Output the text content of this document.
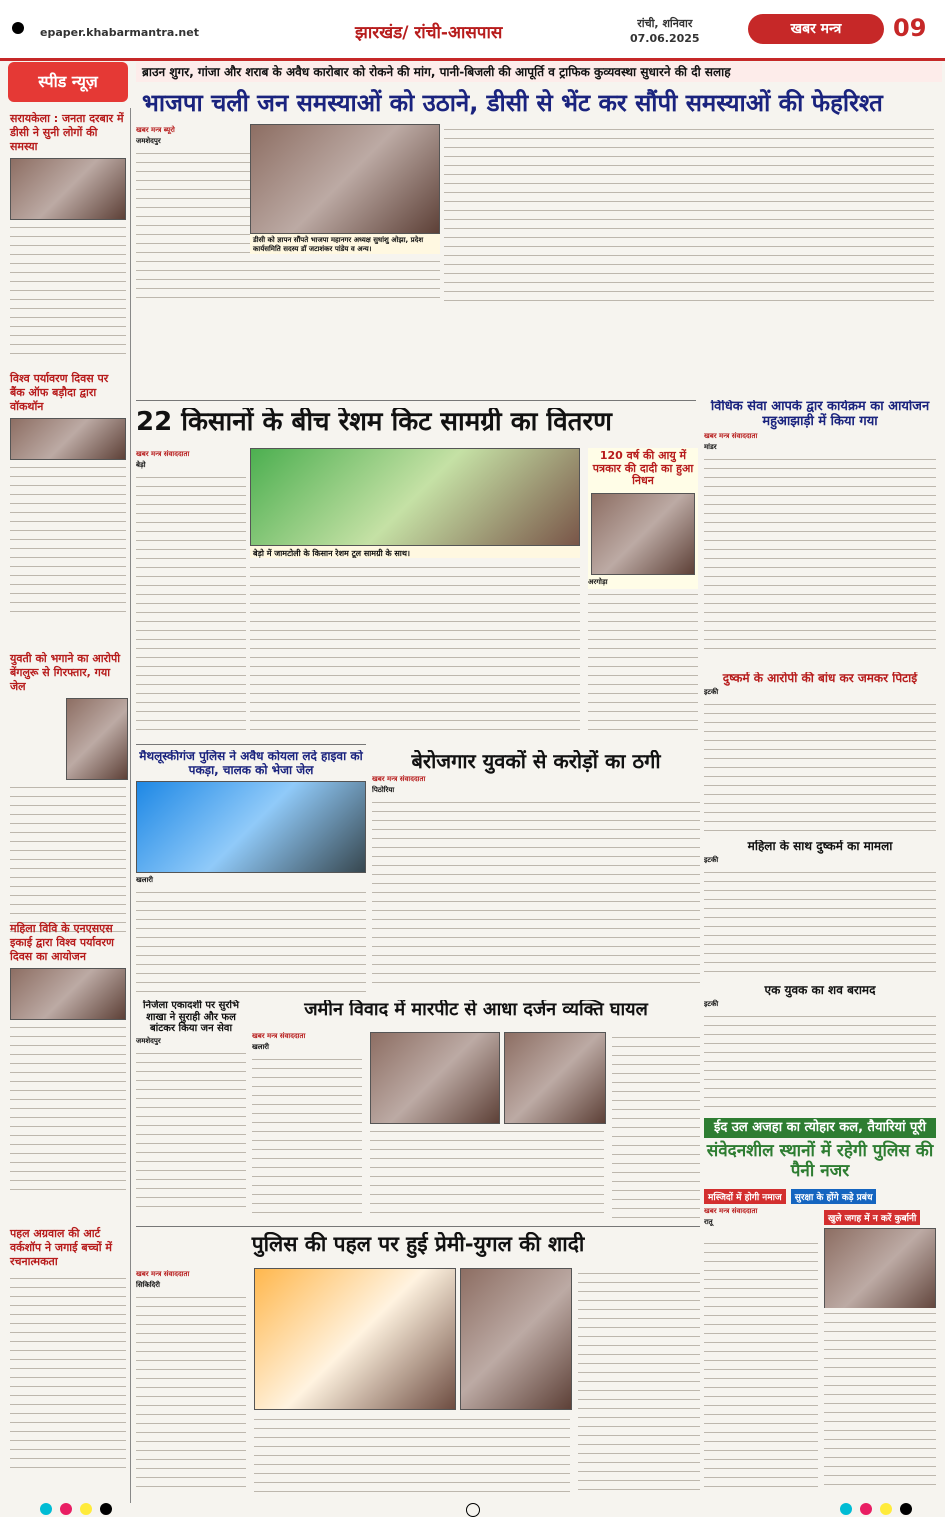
epaper.khabarmantra.net	झारखंड/ रांची-आसपास	रांची, शनिवार
07.06.2025
खबर मन्त्र	09
स्पीड न्यूज़	ब्राउन शुगर, गांजा और शराब के अवैध कारोबार को रोकने की मांग, पानी-बिजली की आपूर्ति व ट्राफिक कुव्यवस्था सुधारने की दी सलाह
भाजपा चली जन समस्याओं को उठाने, डीसी से भेंट कर सौंपी समस्याओं की फेहरिश्त
सरायकेला : जनता दरबार में डीसी ने सुनी लोगों की समस्या
विश्व पर्यावरण दिवस पर बैंक ऑफ बड़ौदा द्वारा वॉकथॉन
युवती को भगाने का आरोपी बेंगलुरू से गिरफ्तार, गया जेल
महिला विवि के एनएसएस इकाई द्वारा विश्व पर्यावरण दिवस का आयोजन
पहल अग्रवाल की आर्ट वर्कशॉप ने जगाई बच्चों में रचनात्मकता
खबर मन्त्र ब्यूरो
जमशेदपुर
डीसी को ज्ञापन सौंपते भाजपा महानगर अध्यक्ष सुधांशु ओझा, प्रदेश कार्यसमिति सदस्य डॉ जटाशंकर पांडेय व अन्य।
22 किसानों के बीच रेशम किट सामग्री का वितरण
खबर मन्त्र संवाददाता
बेड़ो
बेड़ो में जामटोली के किसान रेशम टूल सामग्री के साथ।
120 वर्ष की आयु में पत्रकार की दादी का हुआ निधन
अरगोड़ा
विधिक सेवा आपके द्वार कार्यक्रम का आयोजन महुआझाड़ी में किया गया
खबर मन्त्र संवाददाता
मांडर
मैथलूस्कीगंज पुलिस ने अवैध कोयला लदे हाइवा को पकड़ा, चालक को भेजा जेल
खलारी
बेरोजगार युवकों से करोड़ों का ठगी
खबर मन्त्र संवाददाता
पिठोरिया
दुष्कर्म के आरोपी की बांध कर जमकर पिटाई
इटकी
महिला के साथ दुष्कर्म का मामला
इटकी
एक युवक का शव बरामद
इटकी
निर्जला एकादशी पर सुरभि शाखा ने सुराही और फल बांटकर किया जन सेवा
जमशेदपुर
जमीन विवाद में मारपीट से आधा दर्जन व्यक्ति घायल
खबर मन्त्र संवाददाता
खलारी
ईद उल अजहा का त्योहार कल, तैयारियां पूरी
संवेदनशील स्थानों में रहेगी पुलिस की पैनी नजर
मस्जिदों में होगी नमाज सुरक्षा के होंगे कड़े प्रबंध
खबर मन्त्र संवाददाता
रातू	खुले जगह में न करें कुर्बानी
पुलिस की पहल पर हुई प्रेमी-युगल की शादी
खबर मन्त्र संवाददाता
सिकिदिरी
